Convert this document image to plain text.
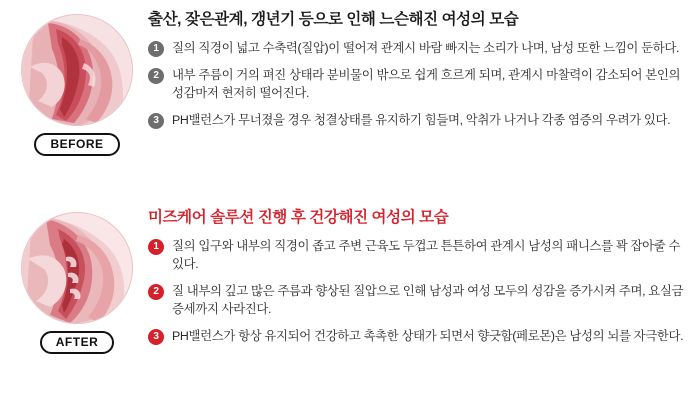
BEFORE
출산, 잦은관계, 갱년기 등으로 인해 느슨해진 여성의 모습
1	질의 직경이 넓고 수축력(질압)이 떨어져 관계시 바람 빠지는 소리가 나며, 남성 또한 느낌이 둔하다.
2	내부 주름이 거의 펴진 상태라 분비물이 밖으로 쉽게 흐르게 되며, 관계시 마찰력이 감소되어 본인의 성감마저 현저히 떨어진다.
3	PH밸런스가 무너졌을 경우 청결상태를 유지하기 힘들며, 악취가 나거나 각종 염증의 우려가 있다.
AFTER
미즈케어 솔루션 진행 후 건강해진 여성의 모습
1	질의 입구와 내부의 직경이 좁고 주변 근육도 두껍고 튼튼하여 관계시 남성의 패니스를 꽉 잡아줄 수 있다.
2	질 내부의 깊고 많은 주름과 향상된 질압으로 인해 남성과 여성 모두의 성감을 증가시켜 주며, 요실금 증세까지 사라진다.
3	PH밸런스가 항상 유지되어 건강하고 촉촉한 상태가 되면서 향긋함(페로몬)은 남성의 뇌를 자극한다.
